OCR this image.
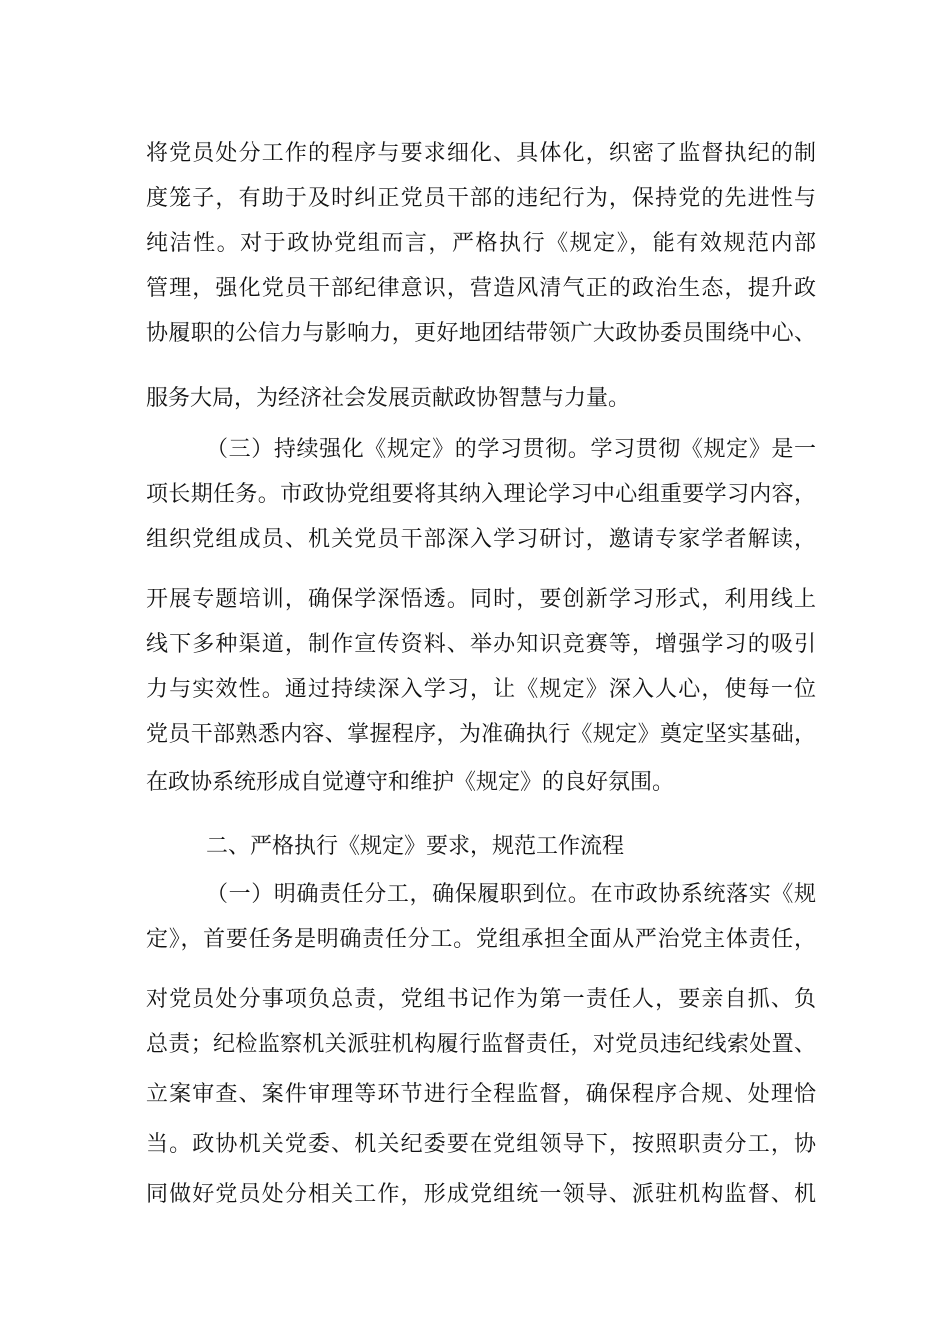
将党员处分工作的程序与要求细化、具体化，织密了监督执纪的制
度笼子，有助于及时纠正党员干部的违纪行为，保持党的先进性与
纯洁性。对于政协党组而言，严格执行《规定》，能有效规范内部
管理，强化党员干部纪律意识，营造风清气正的政治生态，提升政
协履职的公信力与影响力，更好地团结带领广大政协委员围绕中心、
服务大局，为经济社会发展贡献政协智慧与力量。
（三）持续强化《规定》的学习贯彻。学习贯彻《规定》是一
项长期任务。市政协党组要将其纳入理论学习中心组重要学习内容，
组织党组成员、机关党员干部深入学习研讨，邀请专家学者解读，
开展专题培训，确保学深悟透。同时，要创新学习形式，利用线上
线下多种渠道，制作宣传资料、举办知识竞赛等，增强学习的吸引
力与实效性。通过持续深入学习，让《规定》深入人心，使每一位
党员干部熟悉内容、掌握程序，为准确执行《规定》奠定坚实基础，
在政协系统形成自觉遵守和维护《规定》的良好氛围。
二、严格执行《规定》要求，规范工作流程
（一）明确责任分工，确保履职到位。在市政协系统落实《规
定》，首要任务是明确责任分工。党组承担全面从严治党主体责任，
对党员处分事项负总责，党组书记作为第一责任人，要亲自抓、负
总责；纪检监察机关派驻机构履行监督责任，对党员违纪线索处置、
立案审查、案件审理等环节进行全程监督，确保程序合规、处理恰
当。政协机关党委、机关纪委要在党组领导下，按照职责分工，协
同做好党员处分相关工作，形成党组统一领导、派驻机构监督、机
